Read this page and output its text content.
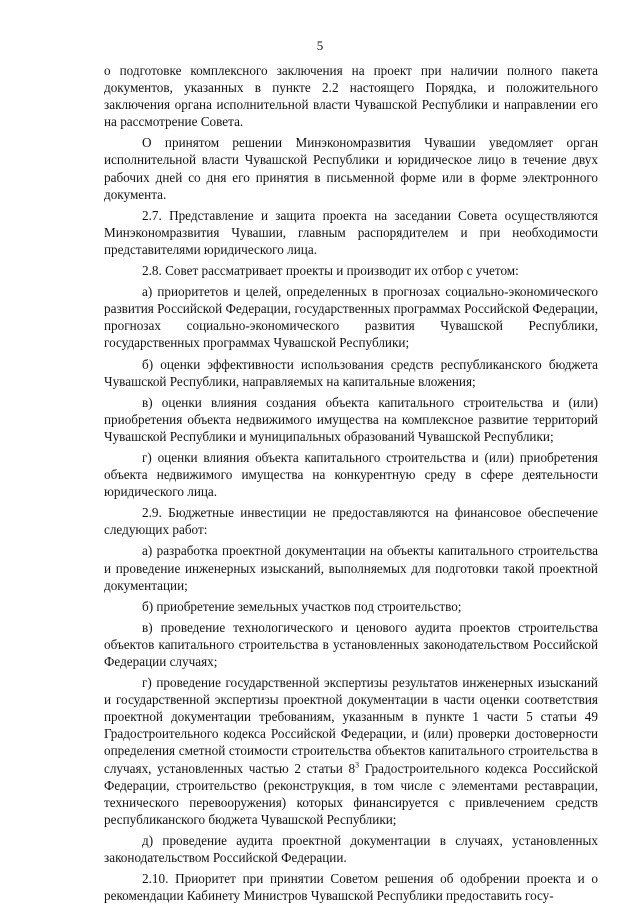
5

о подготовке комплексного заключения на проект при наличии полного пакета документов, указанных в пункте 2.2 настоящего Порядка, и положительного заключения органа исполнительной власти Чувашской Республики и направлении его на рассмотрение Совета.

О принятом решении Минэкономразвития Чувашии уведомляет орган исполнительной власти Чувашской Республики и юридическое лицо в течение двух рабочих дней со дня его принятия в письменной форме или в форме электронного документа.

2.7. Представление и защита проекта на заседании Совета осуществляются Минэкономразвития Чувашии, главным распорядителем и при необходимости представителями юридического лица.

2.8. Совет рассматривает проекты и производит их отбор с учетом:

а) приоритетов и целей, определенных в прогнозах социально-экономического развития Российской Федерации, государственных программах Российской Федерации, прогнозах социально-экономического развития Чувашской Республики, государственных программах Чувашской Республики;

б) оценки эффективности использования средств республиканского бюджета Чувашской Республики, направляемых на капитальные вложения;

в) оценки влияния создания объекта капитального строительства и (или) приобретения объекта недвижимого имущества на комплексное развитие территорий Чувашской Республики и муниципальных образований Чувашской Республики;

г) оценки влияния объекта капитального строительства и (или) приобретения объекта недвижимого имущества на конкурентную среду в сфере деятельности юридического лица.

2.9. Бюджетные инвестиции не предоставляются на финансовое обеспечение следующих работ:

а) разработка проектной документации на объекты капитального строительства и проведение инженерных изысканий, выполняемых для подготовки такой проектной документации;

б) приобретение земельных участков под строительство;

в) проведение технологического и ценового аудита проектов строительства объектов капитального строительства в установленных законодательством Российской Федерации случаях;

г) проведение государственной экспертизы результатов инженерных изысканий и государственной экспертизы проектной документации в части оценки соответствия проектной документации требованиям, указанным в пункте 1 части 5 статьи 49 Градостроительного кодекса Российской Федерации, и (или) проверки достоверности определения сметной стоимости строительства объектов капитального строительства в случаях, установленных частью 2 статьи $8^3$ Градостроительного кодекса Российской Федерации, строительство (реконструкция, в том числе с элементами реставрации, технического перевооружения) которых финансируется с привлечением средств республиканского бюджета Чувашской Республики;

д) проведение аудита проектной документации в случаях, установленных законодательством Российской Федерации.

2.10. Приоритет при принятии Советом решения об одобрении проекта и о рекомендации Кабинету Министров Чувашской Республики предоставить госу-
